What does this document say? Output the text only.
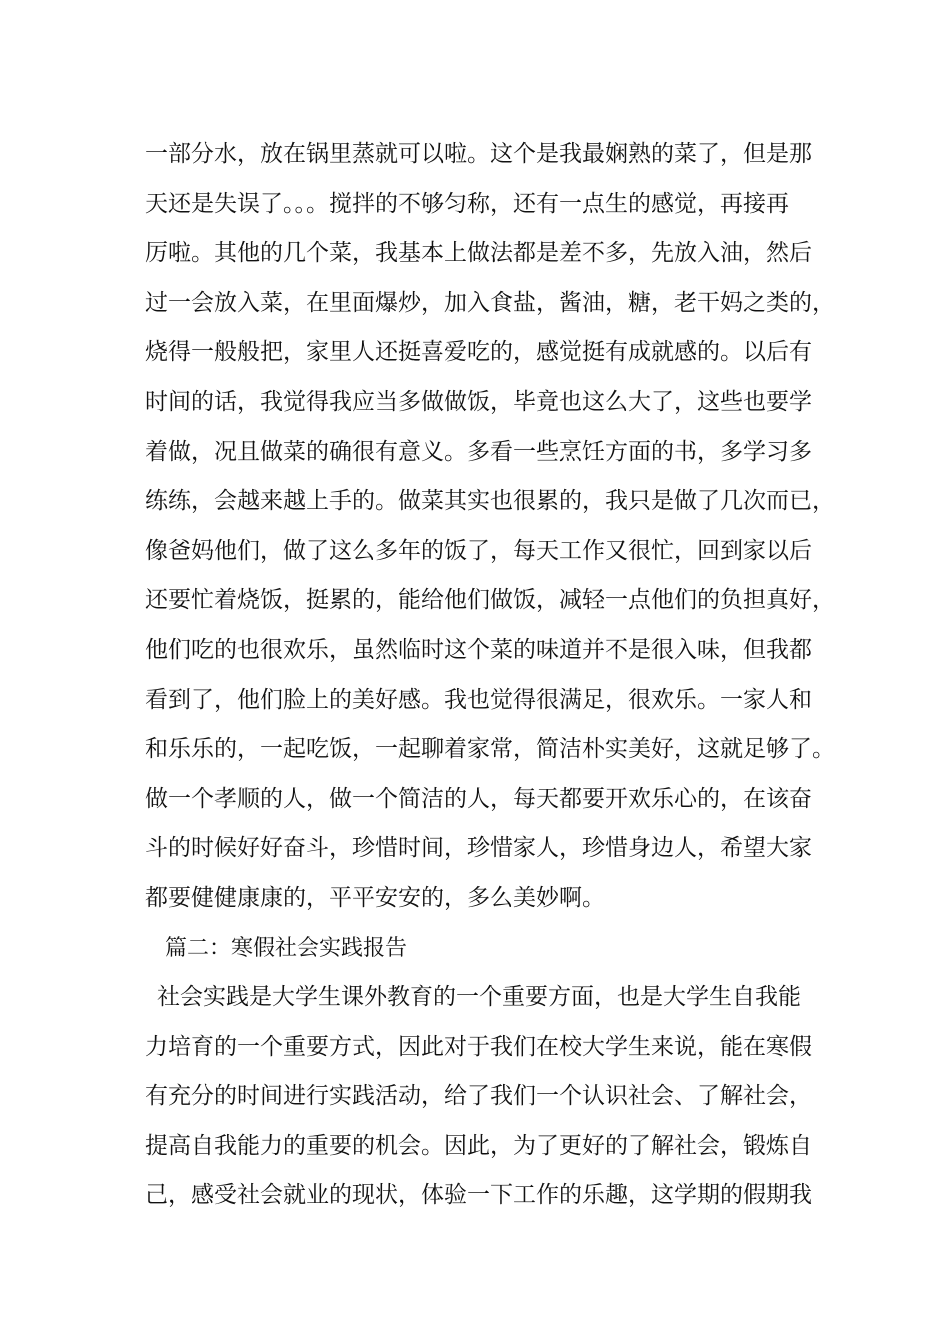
一部分水，放在锅里蒸就可以啦。这个是我最娴熟的菜了，但是那
天还是失误了。。。搅拌的不够匀称，还有一点生的感觉，再接再
厉啦。其他的几个菜，我基本上做法都是差不多，先放入油，然后
过一会放入菜，在里面爆炒，加入食盐，酱油，糖，老干妈之类的，
烧得一般般把，家里人还挺喜爱吃的，感觉挺有成就感的。以后有
时间的话，我觉得我应当多做做饭，毕竟也这么大了，这些也要学
着做，况且做菜的确很有意义。多看一些烹饪方面的书，多学习多
练练，会越来越上手的。做菜其实也很累的，我只是做了几次而已，
像爸妈他们，做了这么多年的饭了，每天工作又很忙，回到家以后
还要忙着烧饭，挺累的，能给他们做饭，减轻一点他们的负担真好，
他们吃的也很欢乐，虽然临时这个菜的味道并不是很入味，但我都
看到了，他们脸上的美好感。我也觉得很满足，很欢乐。一家人和
和乐乐的，一起吃饭，一起聊着家常，简洁朴实美好，这就足够了。
做一个孝顺的人，做一个简洁的人，每天都要开欢乐心的，在该奋
斗的时候好好奋斗，珍惜时间，珍惜家人，珍惜身边人，希望大家
都要健健康康的，平平安安的，多么美妙啊。
篇二：寒假社会实践报告
社会实践是大学生课外教育的一个重要方面，也是大学生自我能
力培育的一个重要方式，因此对于我们在校大学生来说，能在寒假
有充分的时间进行实践活动，给了我们一个认识社会、了解社会，
提高自我能力的重要的机会。因此，为了更好的了解社会，锻炼自
己，感受社会就业的现状，体验一下工作的乐趣，这学期的假期我
